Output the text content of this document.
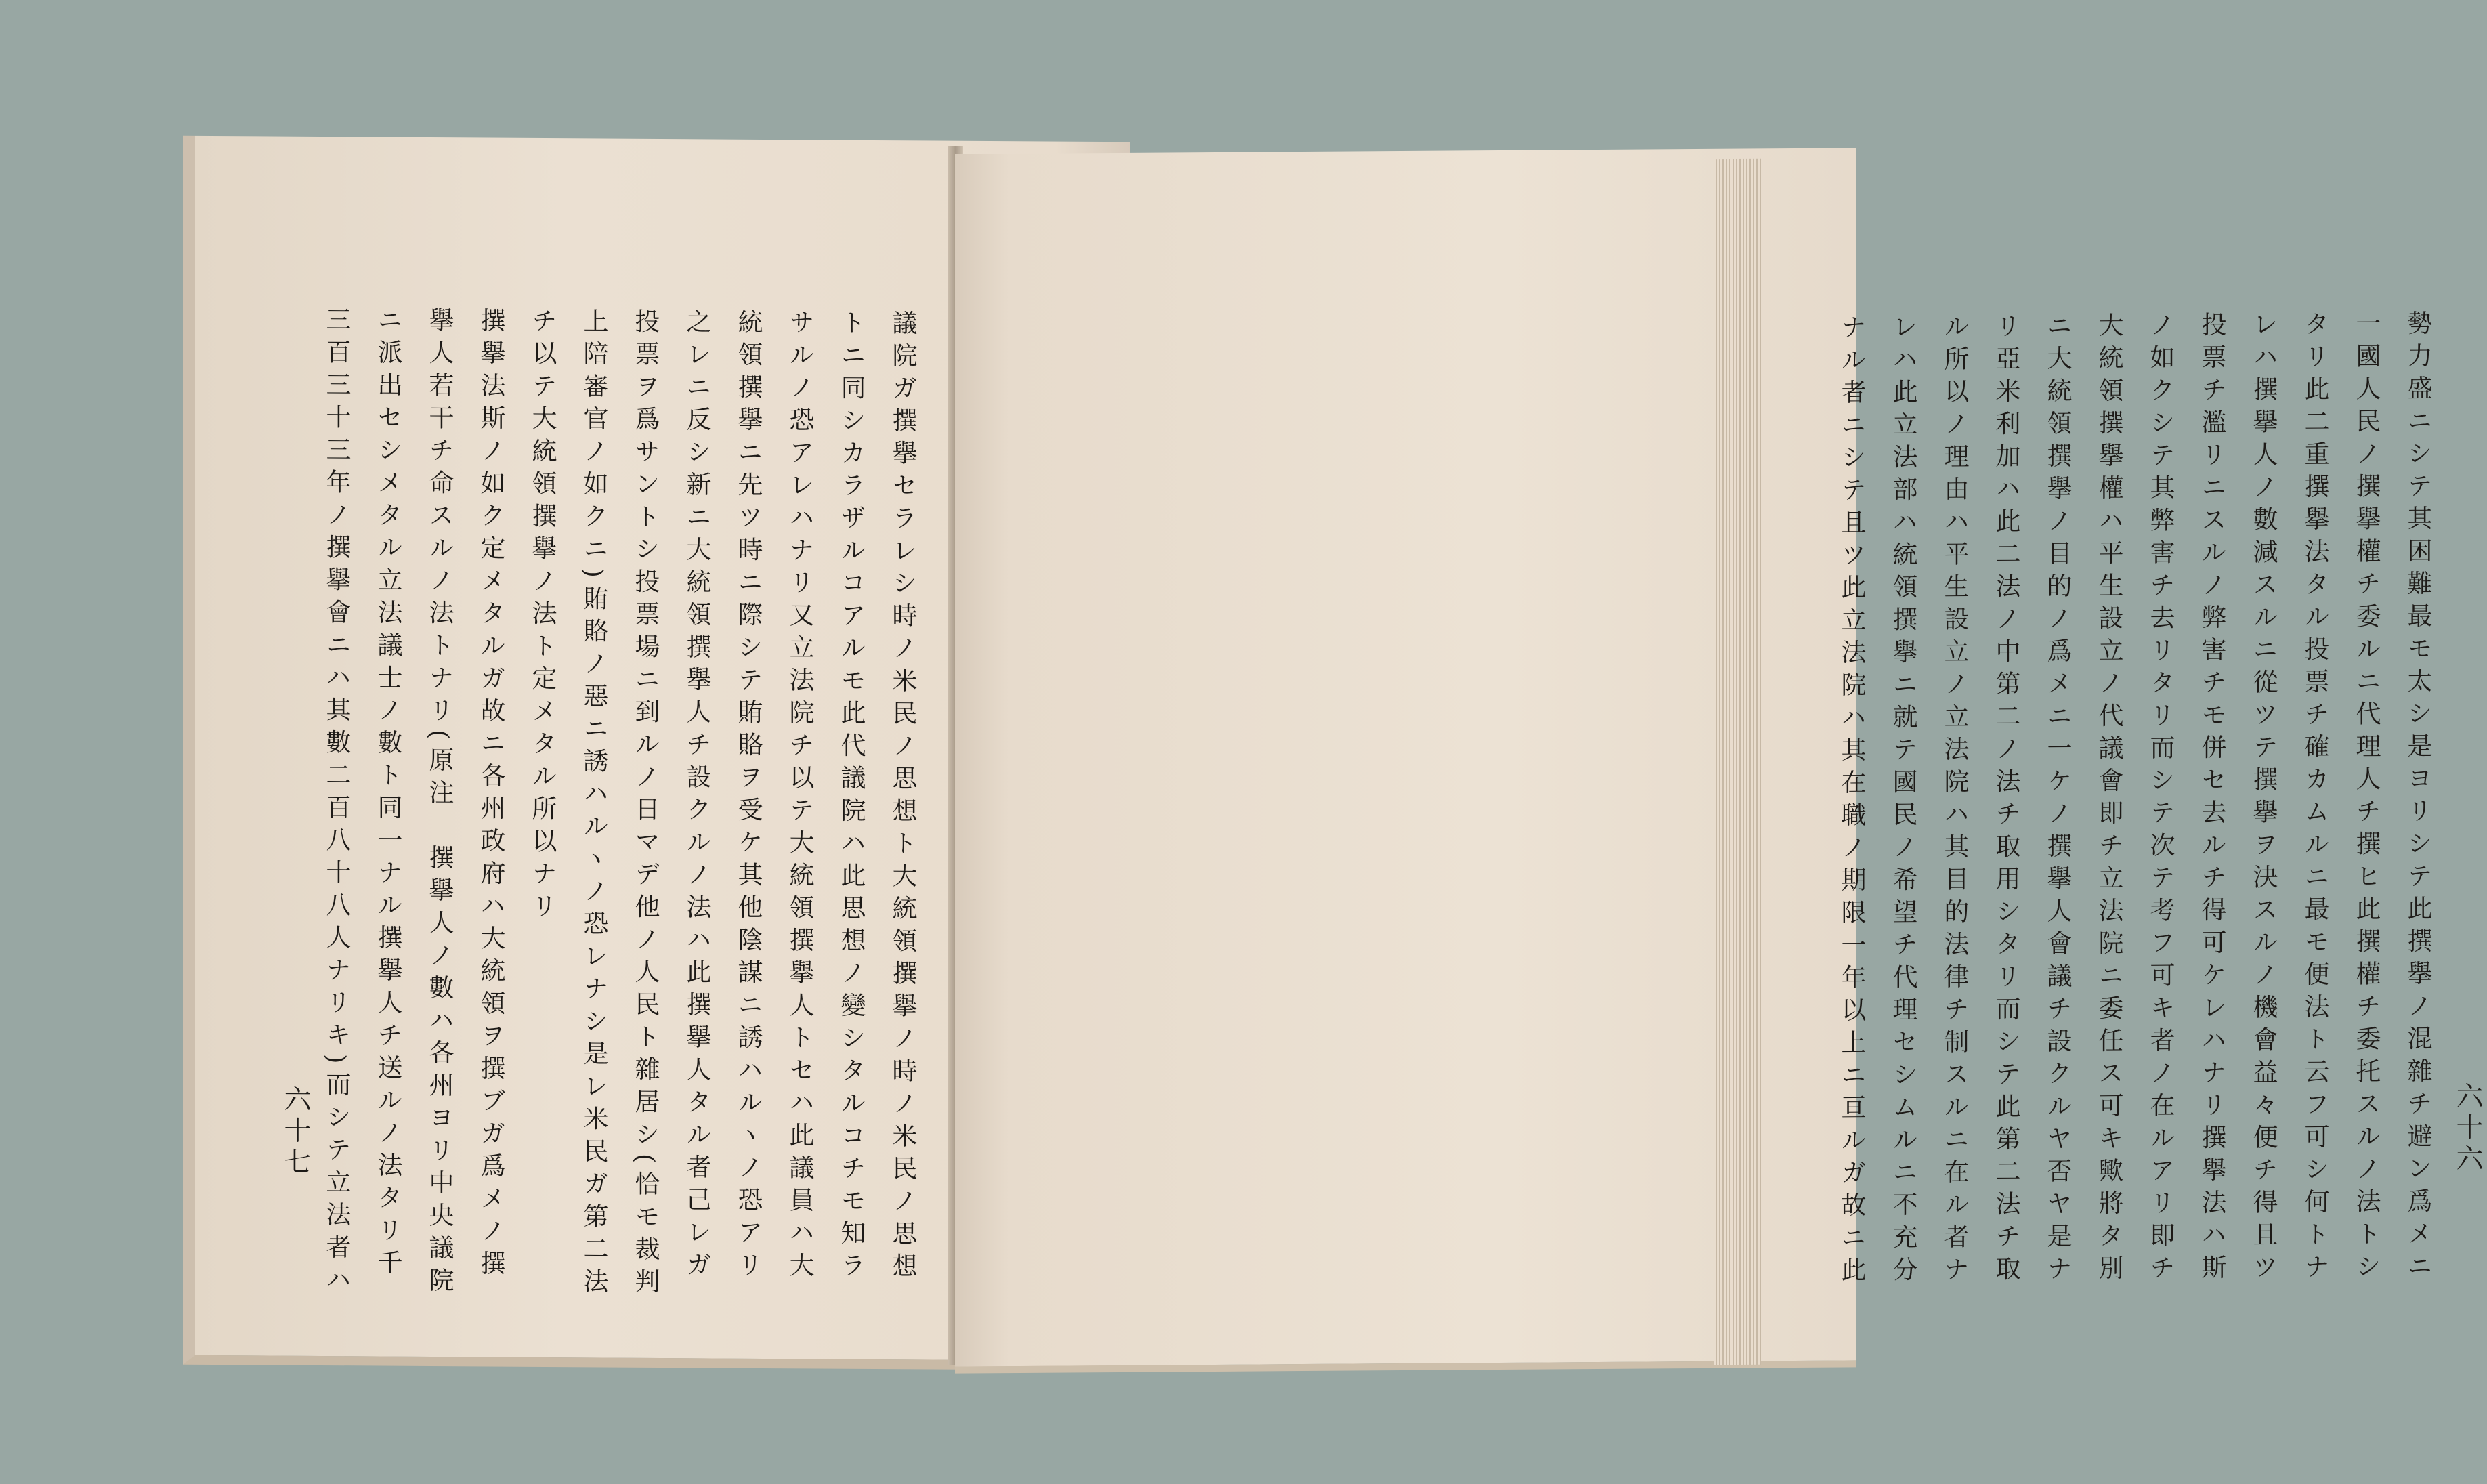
議院ガ撰擧セラレシ時ノ米民ノ思想ト大統領撰擧ノ時ノ米民ノ思想
トニ同シカラザルコアルモ此代議院ハ此思想ノ變シタルコチモ知ラ
サルノ恐アレハナリ又立法院チ以テ大統領撰擧人トセハ此議員ハ大
統領撰擧ニ先ツ時ニ際シテ賄賂ヲ受ケ其他陰謀ニ誘ハルヽノ恐アリ
之レニ反シ新ニ大統領撰擧人チ設クルノ法ハ此撰擧人タル者己レガ
投票ヲ爲サントシ投票場ニ到ルノ日マデ他ノ人民ト雜居シ(恰モ裁判
上陪審官ノ如クニ)賄賂ノ惡ニ誘ハルヽノ恐レナシ是レ米民ガ第二法
チ以テ大統領撰擧ノ法ト定メタル所以ナリ
撰擧法斯ノ如ク定メタルガ故ニ各州政府ハ大統領ヲ撰ブガ爲メノ撰
擧人若干チ命スルノ法トナリ(原注　撰擧人ノ數ハ各州ヨリ中央議院
ニ派出セシメタル立法議士ノ數ト同一ナル撰擧人チ送ルノ法タリ千
三百三十三年ノ撰擧會ニハ其數二百八十八人ナリキ)而シテ立法者ハ
六十七	勢力盛ニシテ其困難最モ太シ是ヨリシテ此撰擧ノ混雜チ避ン爲メニ
一國人民ノ撰擧權チ委ルニ代理人チ撰ヒ此撰權チ委托スルノ法トシ
タリ此二重撰擧法タル投票チ確カムルニ最モ便法ト云フ可シ何トナ
レハ撰擧人ノ數減スルニ從ツテ撰擧ヲ決スルノ機會益々便チ得且ツ
投票チ濫リニスルノ弊害チモ併セ去ルチ得可ケレハナリ撰擧法ハ斯
ノ如クシテ其弊害チ去リタリ而シテ次テ考フ可キ者ノ在ルアリ即チ
大統領撰擧權ハ平生設立ノ代議會即チ立法院ニ委任ス可キ歟將タ別
ニ大統領撰擧ノ目的ノ爲メニ一ケノ撰擧人會議チ設クルヤ否ヤ是ナ
リ亞米利加ハ此二法ノ中第二ノ法チ取用シタリ而シテ此第二法チ取
ル所以ノ理由ハ平生設立ノ立法院ハ其目的法律チ制スルニ在ル者ナ
レハ此立法部ハ統領撰擧ニ就テ國民ノ希望チ代理セシムルニ不充分
ナル者ニシテ且ツ此立法院ハ其在職ノ期限一年以上ニ亘ルガ故ニ此	六十六
